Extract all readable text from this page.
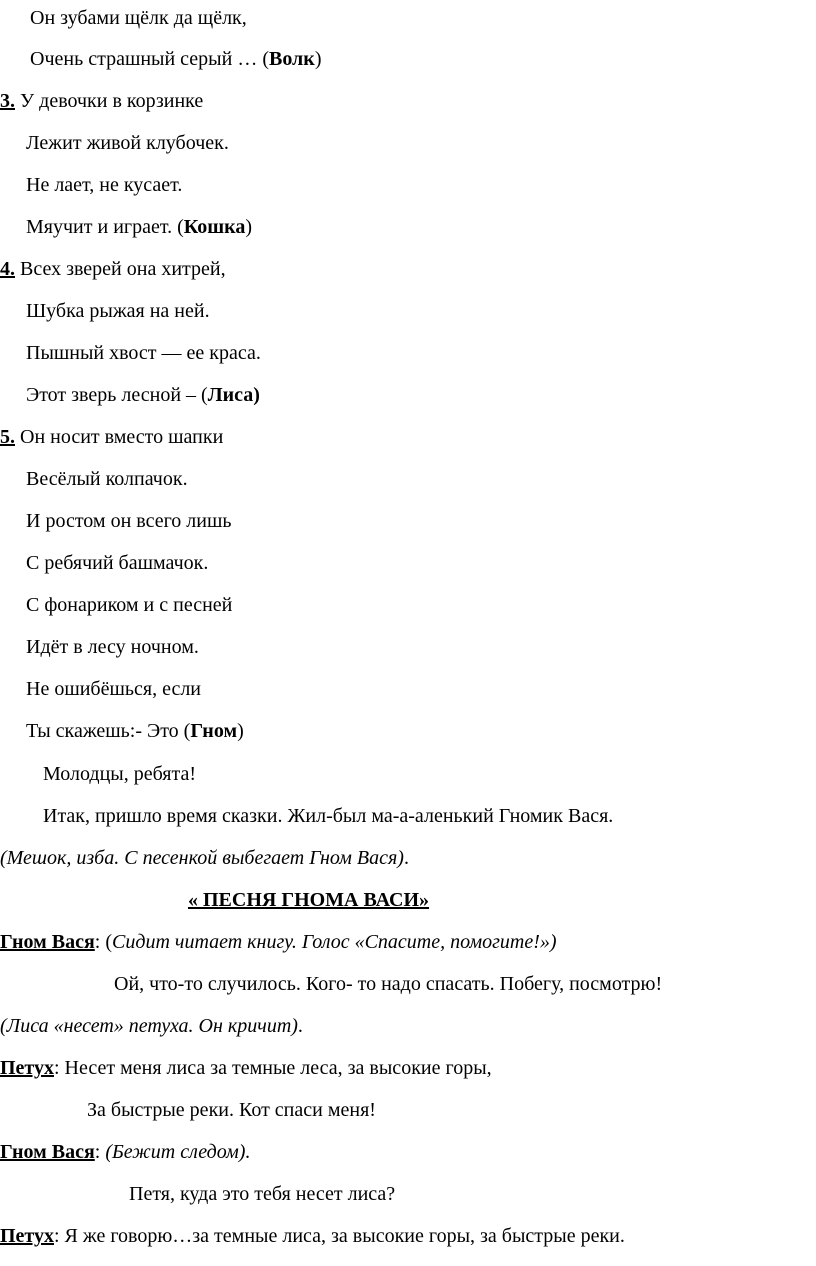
Он зубами щёлк да щёлк,
Очень страшный серый … (Волк)
3. У девочки в корзинке
Лежит живой клубочек.
Не лает, не кусает.
Мяучит и играет. (Кошка)
4. Всех зверей она хитрей,
Шубка рыжая на ней.
Пышный хвост — ее краса.
Этот зверь лесной – (Лиса)
5. Он носит вместо шапки
Весёлый колпачок.
И ростом он всего лишь
С ребячий башмачок.
С фонариком и с песней
Идёт в лесу ночном.
Не ошибёшься, если
Ты скажешь:- Это (Гном)
Молодцы, ребята!
Итак, пришло время сказки. Жил-был ма-а-аленький Гномик Вася.
(Мешок, изба. С песенкой выбегает Гном Вася).
« ПЕСНЯ ГНОМА ВАСИ»
Гном Вася: (Сидит читает книгу. Голос «Спасите, помогите!»)
Ой, что-то случилось. Кого- то надо спасать. Побегу, посмотрю!
(Лиса «несет» петуха. Он кричит).
Петух: Несет меня лиса за темные леса, за высокие горы,
За быстрые реки. Кот спаси меня!
Гном Вася: (Бежит следом).
Петя, куда это тебя несет лиса?
Петух: Я же говорю…за темные лиса, за высокие горы, за быстрые реки.
